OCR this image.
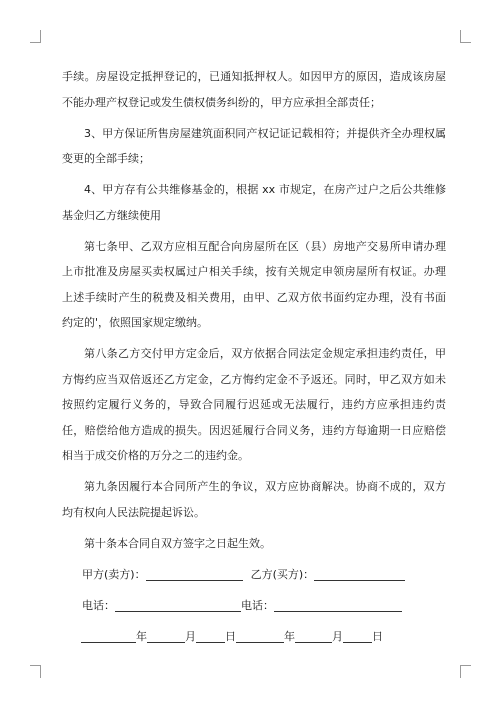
手续。房屋设定抵押登记的，已通知抵押权人。如因甲方的原因，造成该房屋不能办理产权登记或发生债权债务纠纷的，甲方应承担全部责任；

3、甲方保证所售房屋建筑面积同产权记证记载相符；并提供齐全办理权属变更的全部手续；

4、甲方存有公共维修基金的，根据 xx 市规定，在房产过户之后公共维修基金归乙方继续使用

第七条甲、乙双方应相互配合向房屋所在区（县）房地产交易所申请办理上市批准及房屋买卖权属过户相关手续，按有关规定申领房屋所有权证。办理上述手续时产生的税费及相关费用，由甲、乙双方依书面约定办理，没有书面约定的'，依照国家规定缴纳。

第八条乙方交付甲方定金后，双方依据合同法定金规定承担违约责任，甲方悔约应当双倍返还乙方定金，乙方悔约定金不予返还。同时，甲乙双方如未按照约定履行义务的，导致合同履行迟延或无法履行，违约方应承担违约责任，赔偿给他方造成的损失。因迟延履行合同义务，违约方每逾期一日应赔偿相当于成交价格的万分之二的违约金。

第九条因履行本合同所产生的争议，双方应协商解决。协商不成的，双方均有权向人民法院提起诉讼。

第十条本合同自双方签字之日起生效。

甲方(卖方)：	乙方(买方)：
电话：	电话：
年	月	日	年	月	日
